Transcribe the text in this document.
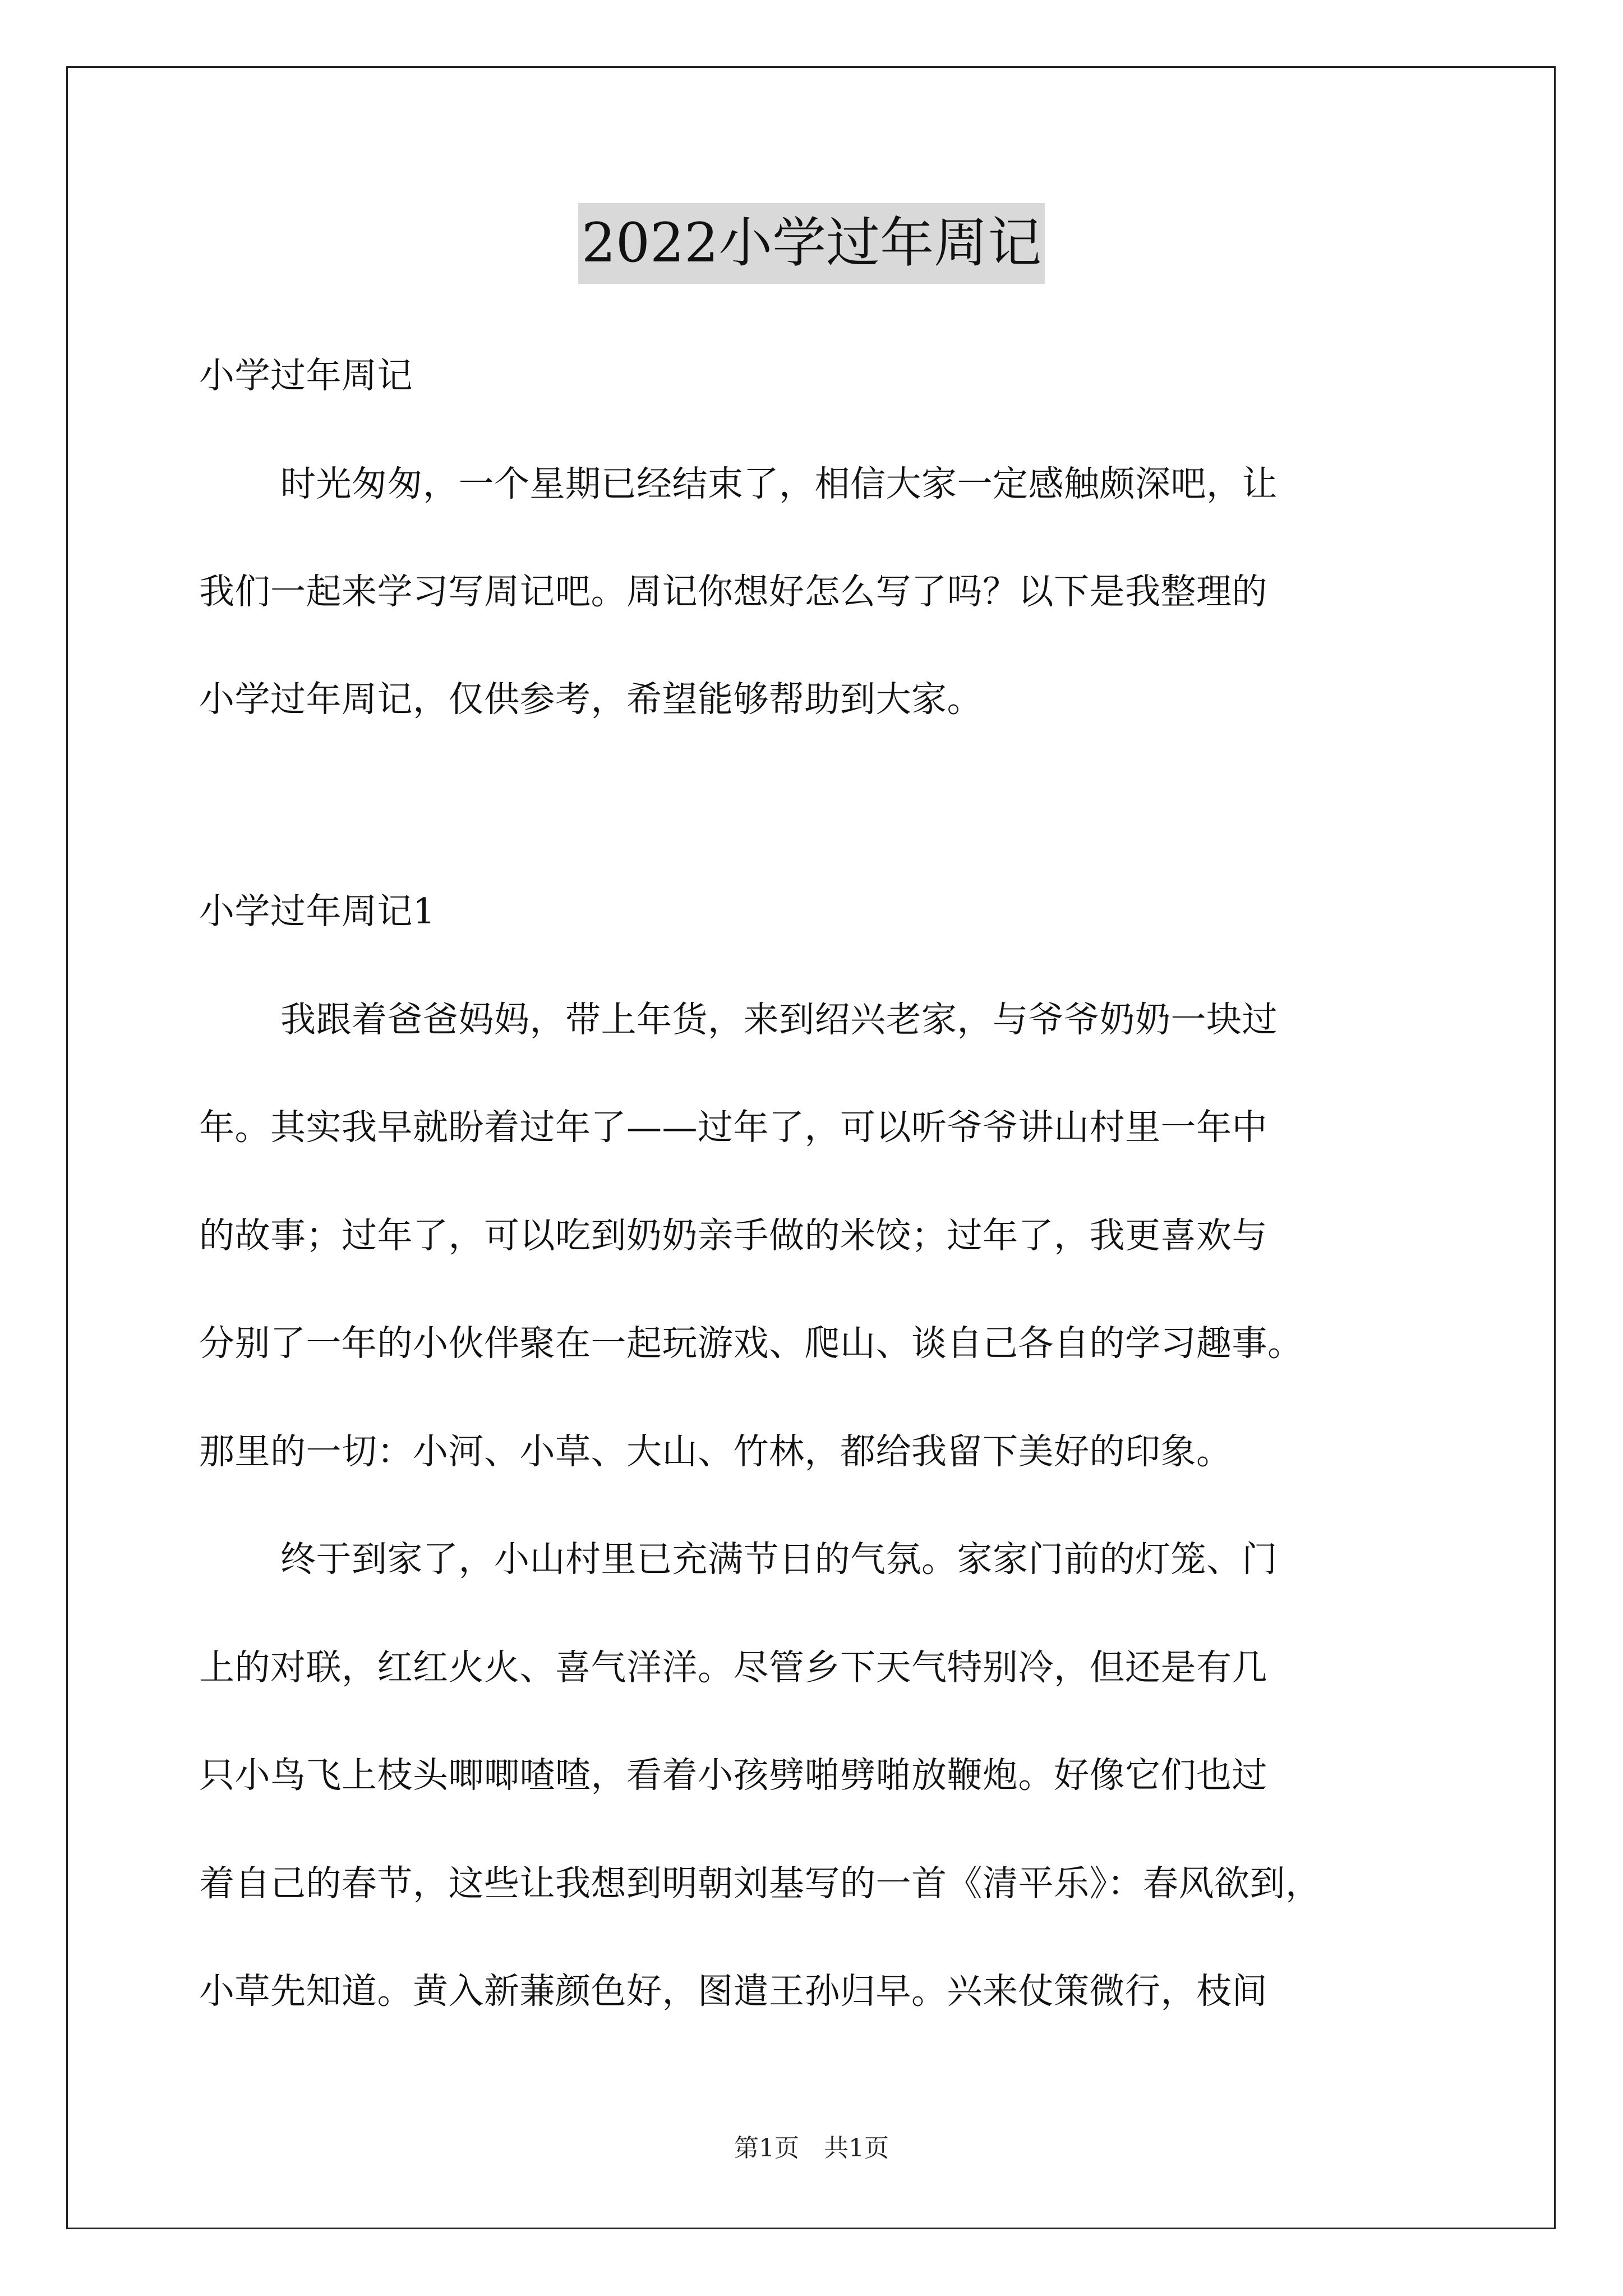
2022小学过年周记
小学过年周记
时光匆匆，一个星期已经结束了，相信大家一定感触颇深吧，让
我们一起来学习写周记吧。周记你想好怎么写了吗？以下是我整理的
小学过年周记，仅供参考，希望能够帮助到大家。
小学过年周记1
我跟着爸爸妈妈，带上年货，来到绍兴老家，与爷爷奶奶一块过
年。其实我早就盼着过年了——过年了，可以听爷爷讲山村里一年中
的故事；过年了，可以吃到奶奶亲手做的米饺；过年了，我更喜欢与
分别了一年的小伙伴聚在一起玩游戏、爬山、谈自己各自的学习趣事。
那里的一切：小河、小草、大山、竹林，都给我留下美好的印象。
终于到家了，小山村里已充满节日的气氛。家家门前的灯笼、门
上的对联，红红火火、喜气洋洋。尽管乡下天气特别冷，但还是有几
只小鸟飞上枝头唧唧喳喳，看着小孩劈啪劈啪放鞭炮。好像它们也过
着自己的春节，这些让我想到明朝刘基写的一首《清平乐》：春风欲到，
小草先知道。黄入新蒹颜色好，图遣王孙归早。兴来仗策微行，枝间
第1页　共1页
